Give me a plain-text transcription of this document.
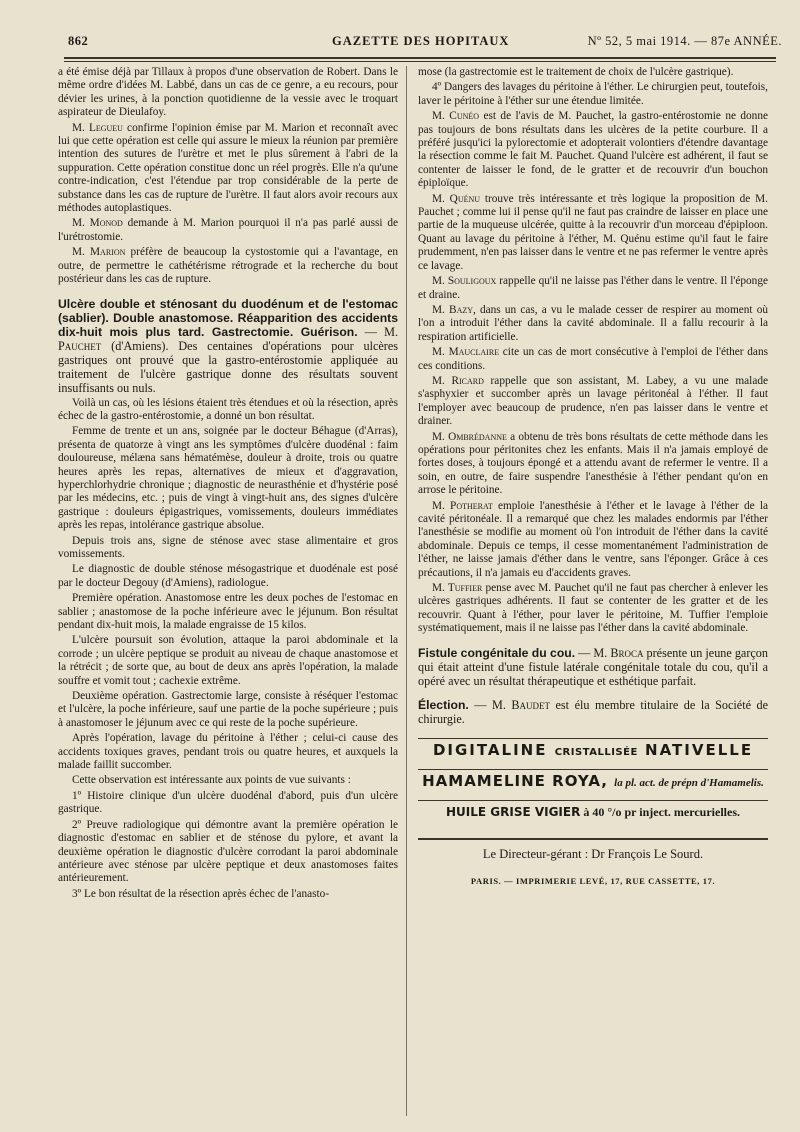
862	GAZETTE DES HOPITAUX	Nº 52, 5 mai 1914. — 87e ANNÉE.

a été émise déjà par Tillaux à propos d'une observation de Robert. Dans le même ordre d'idées M. Labbé, dans un cas de ce genre, a eu recours, pour dévier les urines, à la ponction quotidienne de la vessie avec le troquart aspirateur de Dieulafoy.

M. Legueu confirme l'opinion émise par M. Marion et reconnaît avec lui que cette opération est celle qui assure le mieux la réunion par première intention des sutures de l'urètre et met le plus sûrement à l'abri de la suppuration. Cette opération constitue donc un réel progrès. Elle n'a qu'une contre-indication, c'est l'étendue par trop considérable de la perte de substance dans les cas de rupture de l'urètre. Il faut alors avoir recours aux méthodes autoplastiques.

M. Monod demande à M. Marion pourquoi il n'a pas parlé aussi de l'urétrostomie.

M. Marion préfère de beaucoup la cystostomie qui a l'avantage, en outre, de permettre le cathétérisme rétrograde et la recherche du bout postérieur dans les cas de rupture.

Ulcère double et sténosant du duodénum et de l'estomac (sablier). Double anastomose. Réapparition des accidents dix-huit mois plus tard. Gastrectomie. Guérison. — M. Pauchet (d'Amiens). Des centaines d'opérations pour ulcères gastriques ont prouvé que la gastro-entérostomie appliquée au traitement de l'ulcère gastrique donne des résultats souvent insuffisants ou nuls.

Voilà un cas, où les lésions étaient très étendues et où la résection, après échec de la gastro-entérostomie, a donné un bon résultat.

Femme de trente et un ans, soignée par le docteur Béhague (d'Arras), présenta de quatorze à vingt ans les symptômes d'ulcère duodénal : faim douloureuse, mélæna sans hématémèse, douleur à droite, trois ou quatre heures après les repas, alternatives de mieux et d'aggravation, hyperchlorhydrie chronique ; diagnostic de neurasthénie et d'hystérie posé par les médecins, etc. ; puis de vingt à vingt-huit ans, des signes d'ulcère gastrique : douleurs épigastriques, vomissements, douleurs immédiates après les repas, intolérance gastrique absolue.

Depuis trois ans, signe de sténose avec stase alimentaire et gros vomissements.

Le diagnostic de double sténose mésogastrique et duodénale est posé par le docteur Degouy (d'Amiens), radiologue.

Première opération. Anastomose entre les deux poches de l'estomac en sablier ; anastomose de la poche inférieure avec le jéjunum. Bon résultat pendant dix-huit mois, la malade engraisse de 15 kilos.

L'ulcère poursuit son évolution, attaque la paroi abdominale et la corrode ; un ulcère peptique se produit au niveau de chaque anastomose et la rétrécit ; de sorte que, au bout de deux ans après l'opération, la malade souffre et vomit tout ; cachexie extrême.

Deuxième opération. Gastrectomie large, consiste à réséquer l'estomac et l'ulcère, la poche inférieure, sauf une partie de la poche supérieure ; puis à anastomoser le jéjunum avec ce qui reste de la poche supérieure.

Après l'opération, lavage du péritoine à l'éther ; celui-ci cause des accidents toxiques graves, pendant trois ou quatre heures, et auxquels la malade faillit succomber.

Cette observation est intéressante aux points de vue suivants :

1º Histoire clinique d'un ulcère duodénal d'abord, puis d'un ulcère gastrique.

2º Preuve radiologique qui démontre avant la première opération le diagnostic d'estomac en sablier et de sténose du pylore, et avant la deuxième opération le diagnostic d'ulcère corrodant la paroi abdominale antérieure avec sténose par ulcère peptique et deux anastomoses faites antérieurement.

3º Le bon résultat de la résection après échec de l'anasto-

mose (la gastrectomie est le traitement de choix de l'ulcère gastrique).

4º Dangers des lavages du péritoine à l'éther. Le chirurgien peut, toutefois, laver le péritoine à l'éther sur une étendue limitée.

M. Cunéo est de l'avis de M. Pauchet, la gastro-entérostomie ne donne pas toujours de bons résultats dans les ulcères de la petite courbure. Il a préféré jusqu'ici la pylorectomie et adopterait volontiers d'étendre davantage la résection comme le fait M. Pauchet. Quand l'ulcère est adhérent, il faut se contenter de laisser le fond, de le gratter et de recouvrir d'un bouchon épiploïque.

M. Quénu trouve très intéressante et très logique la proposition de M. Pauchet ; comme lui il pense qu'il ne faut pas craindre de laisser en place une partie de la muqueuse ulcérée, quitte à la recouvrir d'un morceau d'épiploon. Quant au lavage du péritoine à l'éther, M. Quénu estime qu'il faut le faire prudemment, n'en pas laisser dans le ventre et ne pas refermer le ventre après ce lavage.

M. Souligoux rappelle qu'il ne laisse pas l'éther dans le ventre. Il l'éponge et draine.

M. Bazy, dans un cas, a vu le malade cesser de respirer au moment où l'on a introduit l'éther dans la cavité abdominale. Il a fallu recourir à la respiration artificielle.

M. Mauclaire cite un cas de mort consécutive à l'emploi de l'éther dans ces conditions.

M. Ricard rappelle que son assistant, M. Labey, a vu une malade s'asphyxier et succomber après un lavage péritonéal à l'éther. Il faut l'employer avec beaucoup de prudence, n'en pas laisser dans le ventre et drainer.

M. Ombrédanne a obtenu de très bons résultats de cette méthode dans les opérations pour péritonites chez les enfants. Mais il n'a jamais employé de fortes doses, à toujours épongé et a attendu avant de refermer le ventre. Il a soin, en outre, de faire suspendre l'anesthésie à l'éther pendant qu'on en arrose le péritoine.

M. Potherat emploie l'anesthésie à l'éther et le lavage à l'éther de la cavité péritonéale. Il a remarqué que chez les malades endormis par l'éther l'anesthésie se modifie au moment où l'on introduit de l'éther dans la cavité abdominale. Depuis ce temps, il cesse momentanément l'administration de l'éther, ne laisse jamais d'éther dans le ventre, sans l'éponger. Grâce à ces précautions, il n'a jamais eu d'accidents graves.

M. Tuffier pense avec M. Pauchet qu'il ne faut pas chercher à enlever les ulcères gastriques adhérents. Il faut se contenter de les gratter et de les recouvrir. Quant à l'éther, pour laver le péritoine, M. Tuffier l'emploie systématiquement, mais il ne laisse pas l'éther dans la cavité abdominale.

Fistule congénitale du cou. — M. Broca présente un jeune garçon qui était atteint d'une fistule latérale congénitale totale du cou, qu'il a opéré avec un résultat thérapeutique et esthétique parfait.
Élection. — M. Baudet est élu membre titulaire de la Société de chirurgie.
DIGITALINE CRISTALLISÉE NATIVELLE
HAMAMELINE ROYA, la pl. act. de prépn d'Hamamelis.
HUILE GRISE VIGIER à 40 °/o pr inject. mercurielles.
Le Directeur-gérant : Dr François Le Sourd.
PARIS. — IMPRIMERIE LEVÉ, 17, RUE CASSETTE, 17.
